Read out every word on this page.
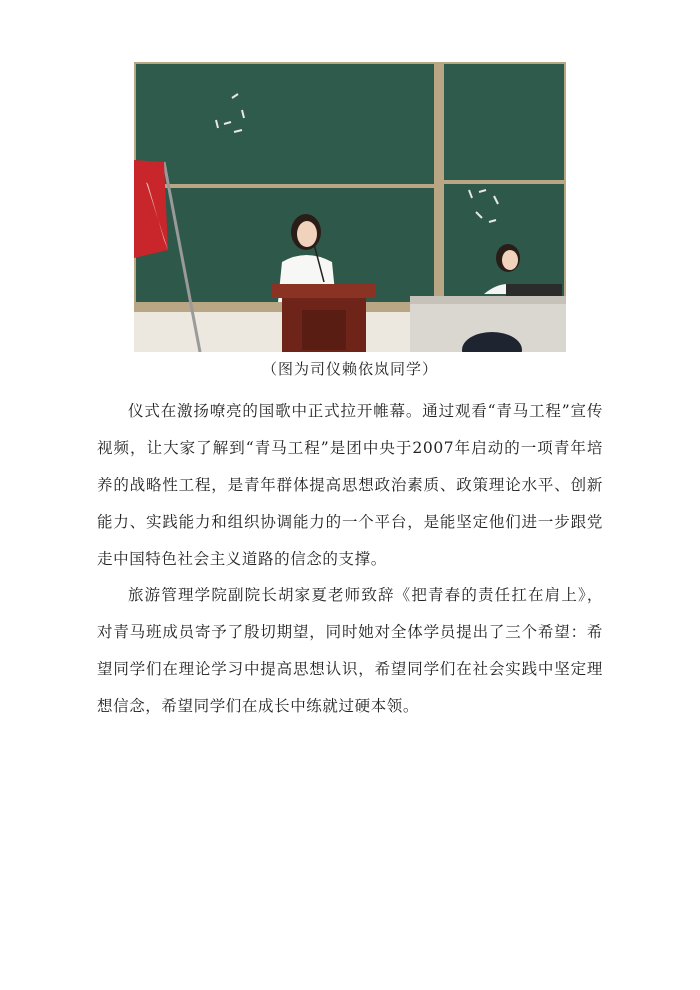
（图为司仪赖依岚同学）

仪式在激扬嘹亮的国歌中正式拉开帷幕。通过观看“青马工程”宣传视频，让大家了解到“青马工程”是团中央于2007年启动的一项青年培养的战略性工程，是青年群体提高思想政治素质、政策理论水平、创新能力、实践能力和组织协调能力的一个平台，是能坚定他们进一步跟党走中国特色社会主义道路的信念的支撑。

旅游管理学院副院长胡家夏老师致辞《把青春的责任扛在肩上》，对青马班成员寄予了殷切期望，同时她对全体学员提出了三个希望：希望同学们在理论学习中提高思想认识，希望同学们在社会实践中坚定理想信念，希望同学们在成长中练就过硬本领。
